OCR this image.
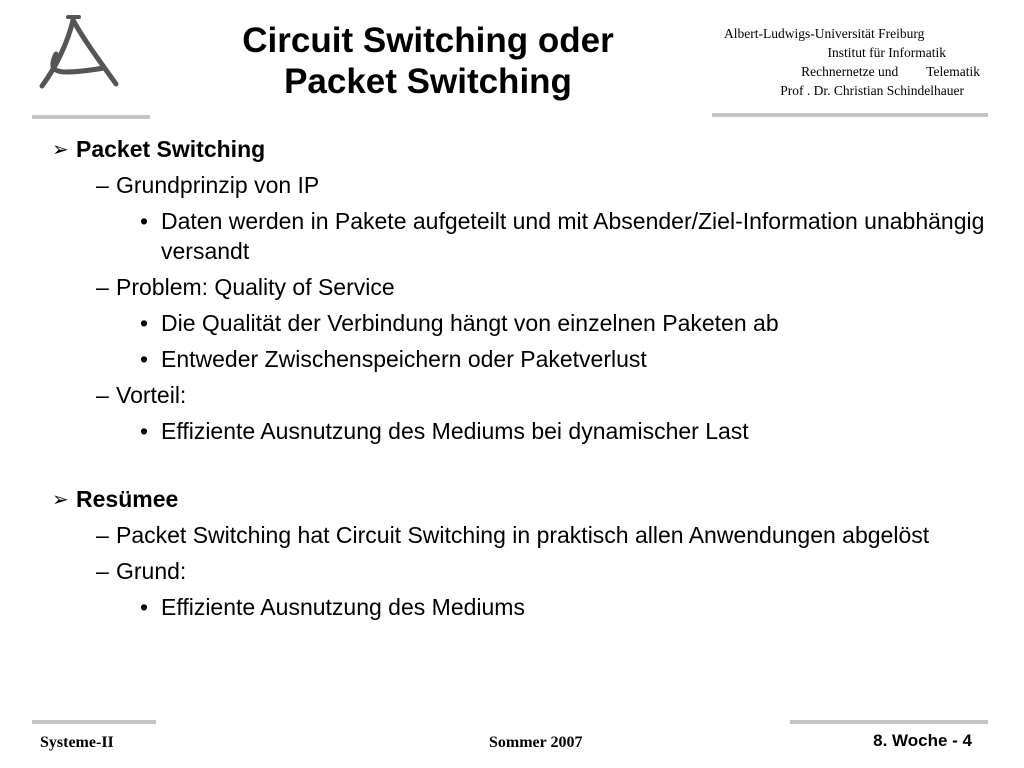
Circuit Switching oder
Packet Switching
Albert-Ludwigs-Universität Freiburg
Institut für Informatik
Rechnernetze und Telematik
Prof . Dr. Christian Schindelhauer
➢ Packet Switching
– Grundprinzip von IP
• Daten werden in Pakete aufgeteilt und mit Absender/Ziel-Information unabhängig versandt
– Problem: Quality of Service
• Die Qualität der Verbindung hängt von einzelnen Paketen ab
• Entweder Zwischenspeichern oder Paketverlust
– Vorteil:
• Effiziente Ausnutzung des Mediums bei dynamischer Last
➢ Resümee
– Packet Switching hat Circuit Switching in praktisch allen Anwendungen abgelöst
– Grund:
• Effiziente Ausnutzung des Mediums
Systeme-II	Sommer 2007	8. Woche - 4
